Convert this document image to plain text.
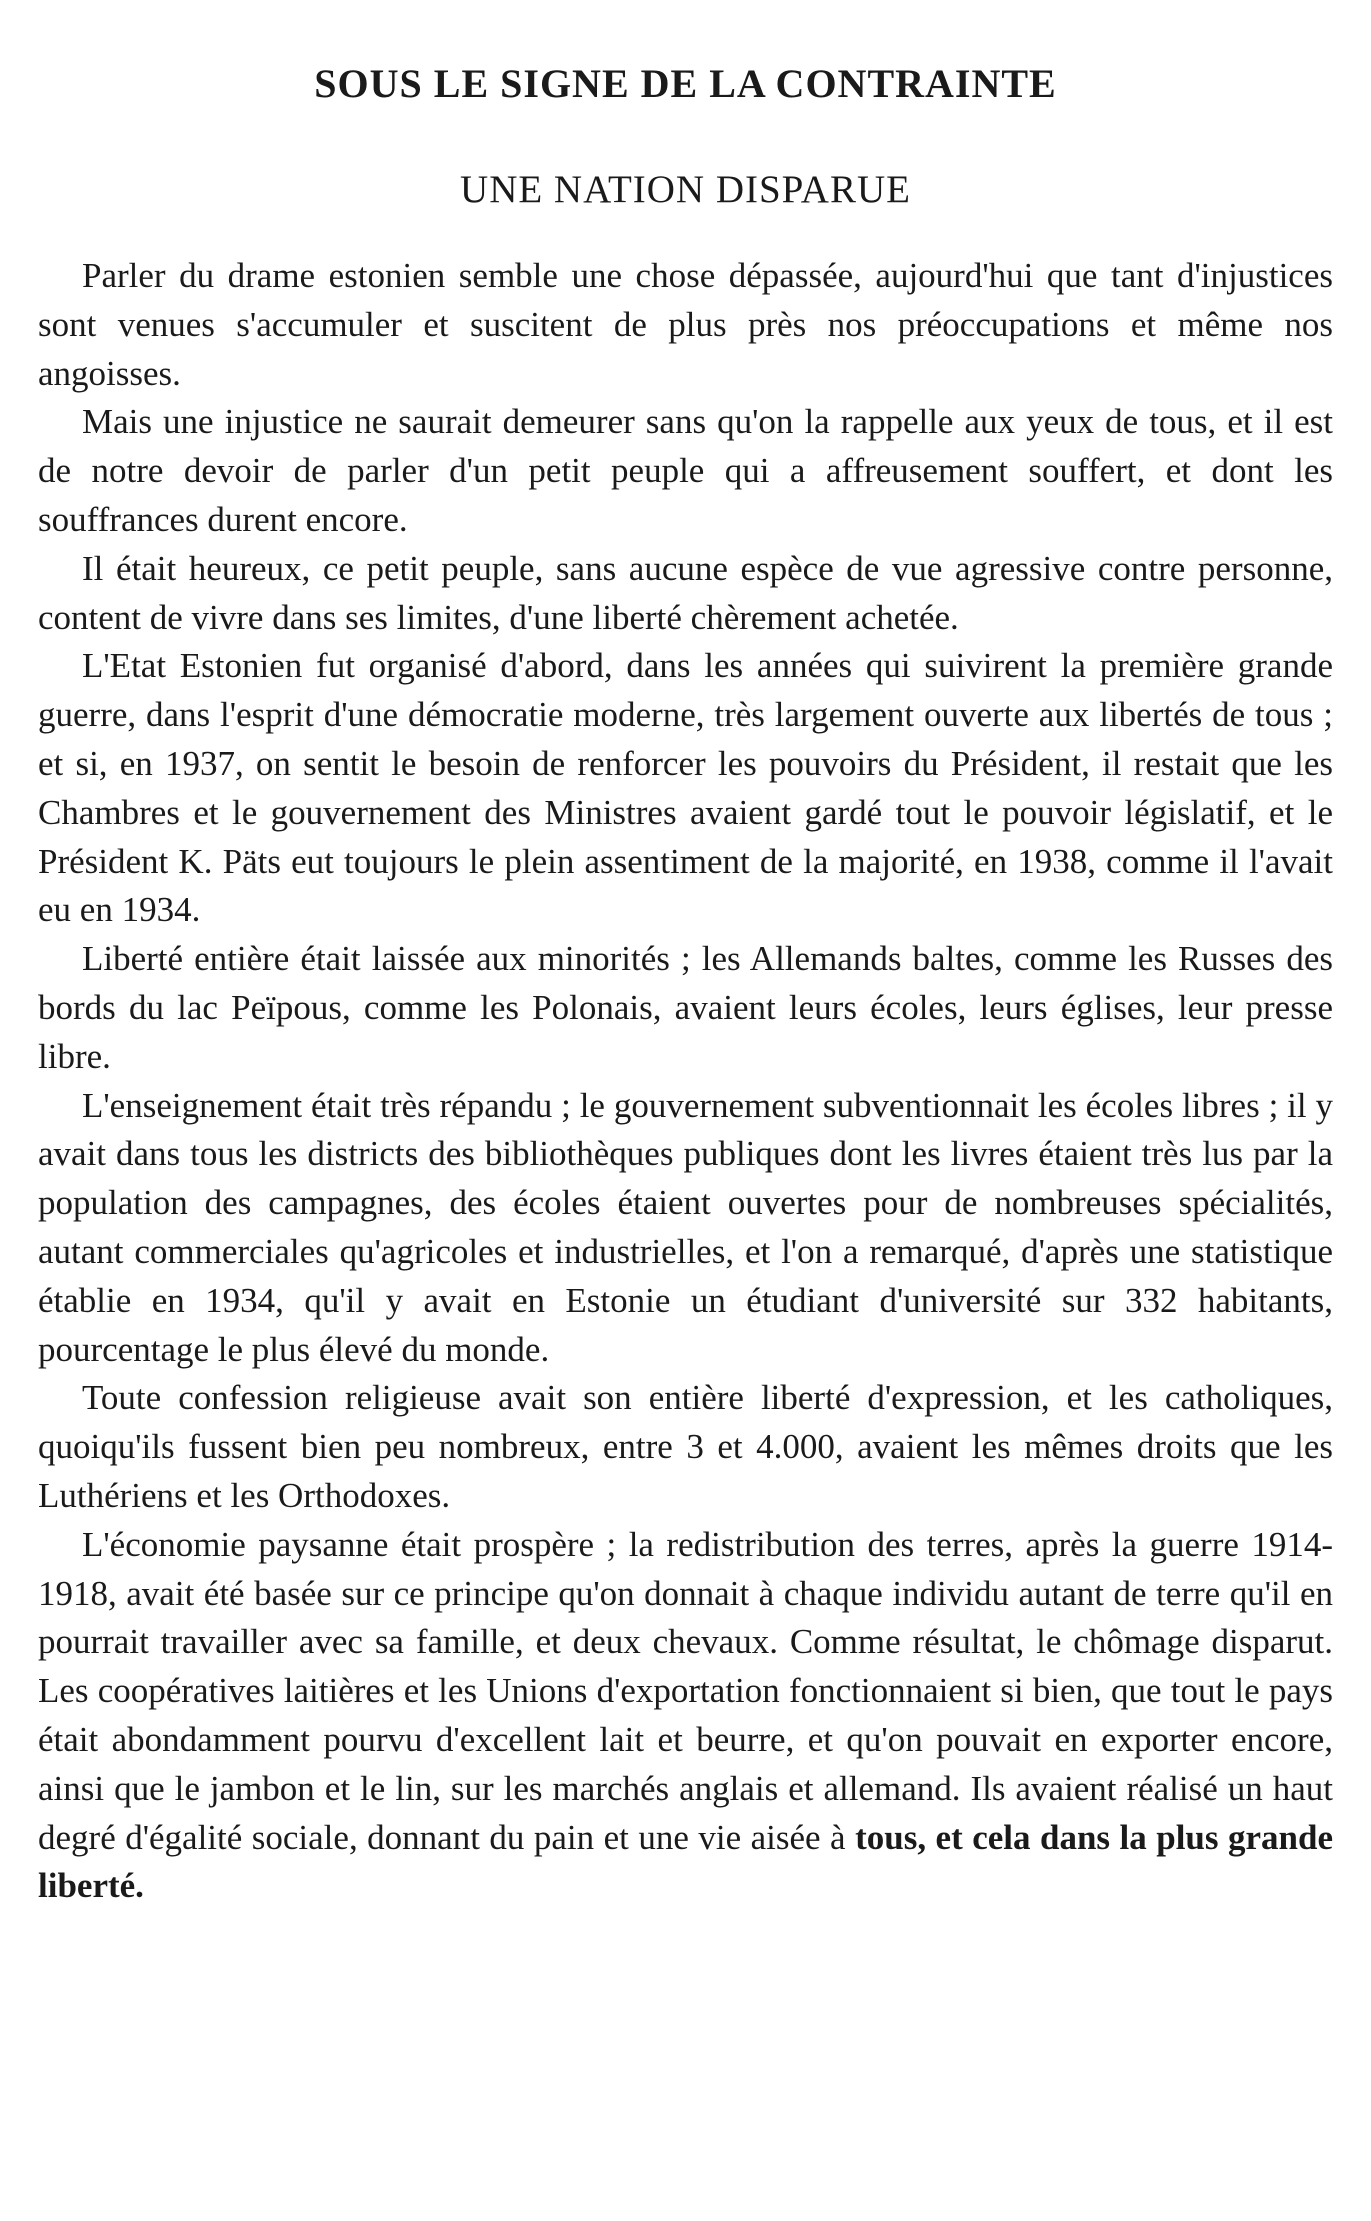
SOUS LE SIGNE DE LA CONTRAINTE
UNE NATION DISPARUE

Parler du drame estonien semble une chose dépassée, aujourd'hui que tant d'injustices sont venues s'accumuler et suscitent de plus près nos préoccupations et même nos angoisses.

Mais une injustice ne saurait demeurer sans qu'on la rappelle aux yeux de tous, et il est de notre devoir de parler d'un petit peuple qui a affreusement souffert, et dont les souffrances durent encore.

Il était heureux, ce petit peuple, sans aucune espèce de vue agressive contre personne, content de vivre dans ses limites, d'une liberté chèrement achetée.

L'Etat Estonien fut organisé d'abord, dans les années qui suivirent la première grande guerre, dans l'esprit d'une démocratie moderne, très largement ouverte aux libertés de tous ; et si, en 1937, on sentit le besoin de renforcer les pouvoirs du Président, il restait que les Chambres et le gouvernement des Ministres avaient gardé tout le pouvoir législatif, et le Président K. Päts eut toujours le plein assentiment de la majorité, en 1938, comme il l'avait eu en 1934.

Liberté entière était laissée aux minorités ; les Allemands baltes, comme les Russes des bords du lac Peïpous, comme les Polonais, avaient leurs écoles, leurs églises, leur presse libre.

L'enseignement était très répandu ; le gouvernement subventionnait les écoles libres ; il y avait dans tous les districts des bibliothèques publiques dont les livres étaient très lus par la population des campagnes, des écoles étaient ouvertes pour de nombreuses spécialités, autant commerciales qu'agricoles et industrielles, et l'on a remarqué, d'après une statistique établie en 1934, qu'il y avait en Estonie un étudiant d'université sur 332 habitants, pourcentage le plus élevé du monde.

Toute confession religieuse avait son entière liberté d'expression, et les catholiques, quoiqu'ils fussent bien peu nombreux, entre 3 et 4.000, avaient les mêmes droits que les Luthériens et les Orthodoxes.

L'économie paysanne était prospère ; la redistribution des terres, après la guerre 1914-1918, avait été basée sur ce principe qu'on donnait à chaque individu autant de terre qu'il en pourrait travailler avec sa famille, et deux chevaux. Comme résultat, le chômage disparut. Les coopératives laitières et les Unions d'exportation fonctionnaient si bien, que tout le pays était abondamment pourvu d'excellent lait et beurre, et qu'on pouvait en exporter encore, ainsi que le jambon et le lin, sur les marchés anglais et allemand. Ils avaient réalisé un haut degré d'égalité sociale, donnant du pain et une vie aisée à tous, et cela dans la plus grande liberté.
